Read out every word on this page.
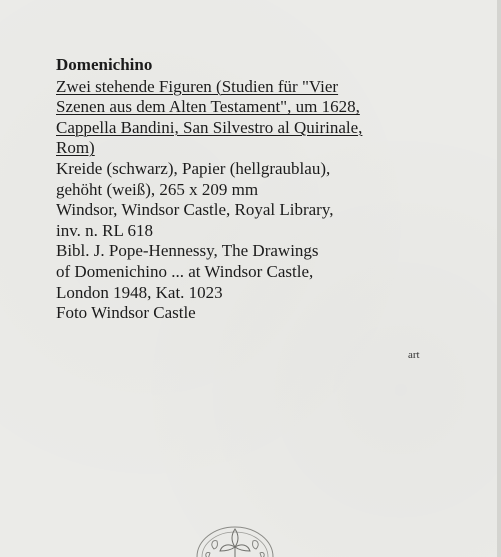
Domenichino
Zwei stehende Figuren (Studien für "Vier
Szenen aus dem Alten Testament", um 1628,
Cappella Bandini, San Silvestro al Quirinale,
Rom)
Kreide (schwarz), Papier (hellgraublau),
gehöht (weiß), 265 x 209 mm
Windsor, Windsor Castle, Royal Library,
inv. n. RL 618
Bibl. J. Pope-Hennessy, The Drawings
of Domenichino ... at Windsor Castle,
London 1948, Kat. 1023
Foto Windsor Castle
art
